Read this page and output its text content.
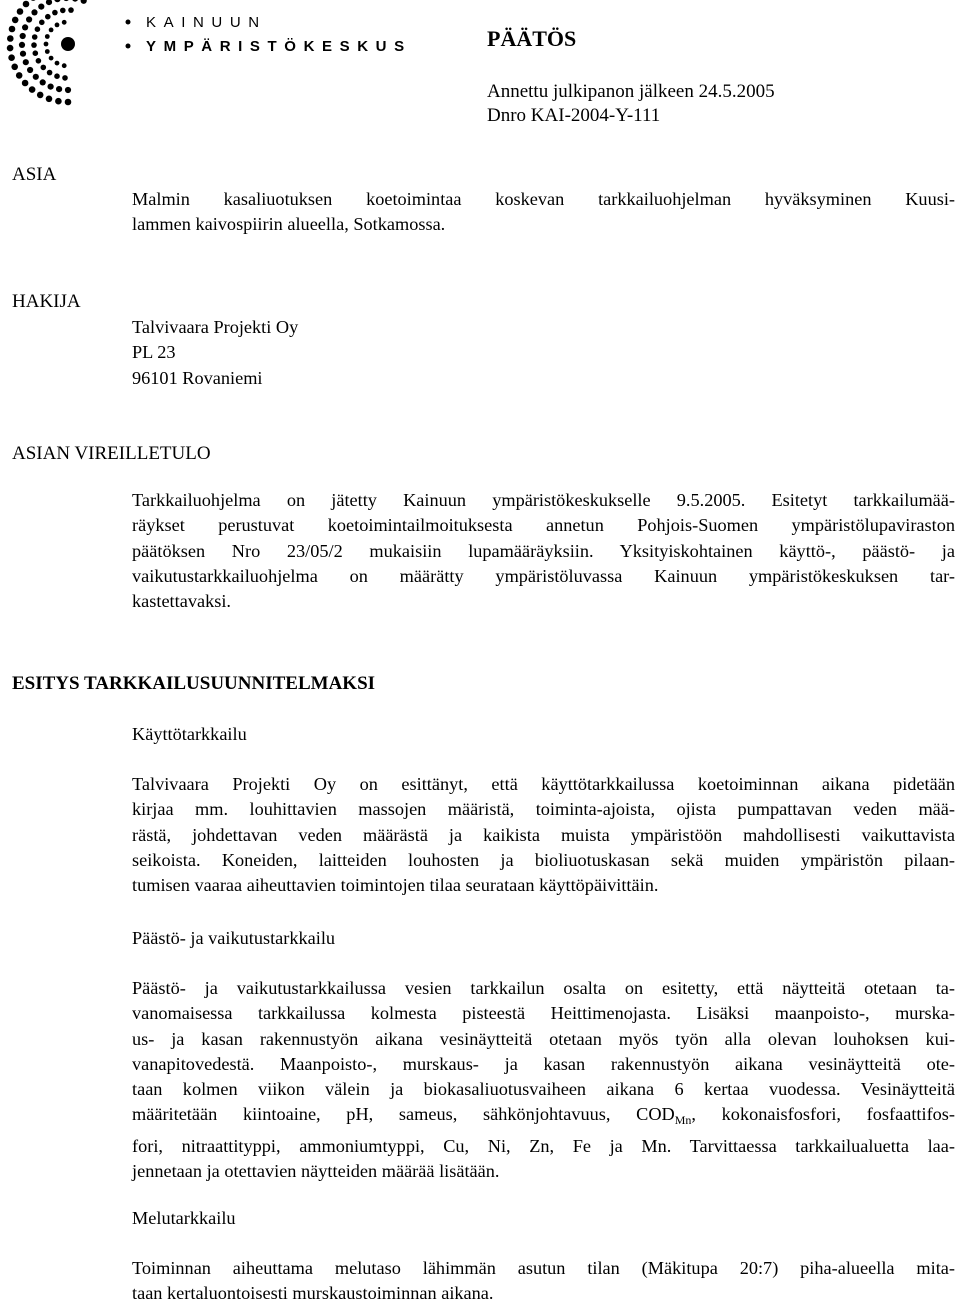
KAINUUN
YMPÄRISTÖKESKUS	PÄÄTÖS
Annettu julkipanon jälkeen 24.5.2005
Dnro KAI-2004-Y-111
ASIA
Malmin kasaliuotuksen koetoimintaa koskevan tarkkailuohjelman hyväksyminen Kuusi-
lammen kaivospiirin alueella, Sotkamossa.
HAKIJA
Talvivaara Projekti Oy
PL 23
96101 Rovaniemi
ASIAN VIREILLETULO
Tarkkailuohjelma on jätetty Kainuun ympäristökeskukselle 9.5.2005. Esitetyt tarkkailumää-
räykset perustuvat koetoimintailmoituksesta annetun Pohjois-Suomen ympäristölupaviraston
päätöksen Nro 23/05/2 mukaisiin lupamääräyksiin. Yksityiskohtainen käyttö-, päästö- ja
vaikutustarkkailuohjelma on määrätty ympäristöluvassa Kainuun ympäristökeskuksen tar-
kastettavaksi.
ESITYS TARKKAILUSUUNNITELMAKSI
Käyttötarkkailu
Talvivaara Projekti Oy on esittänyt, että käyttötarkkailussa koetoiminnan aikana pidetään
kirjaa mm. louhittavien massojen määristä, toiminta-ajoista, ojista pumpattavan veden mää-
rästä, johdettavan veden määrästä ja kaikista muista ympäristöön mahdollisesti vaikuttavista
seikoista. Koneiden, laitteiden louhosten ja bioliuotuskasan sekä muiden ympäristön pilaan-
tumisen vaaraa aiheuttavien toimintojen tilaa seurataan käyttöpäivittäin.
Päästö- ja vaikutustarkkailu
Päästö- ja vaikutustarkkailussa vesien tarkkailun osalta on esitetty, että näytteitä otetaan ta-
vanomaisessa tarkkailussa kolmesta pisteestä Heittimenojasta. Lisäksi maanpoisto-, murska-
us- ja kasan rakennustyön aikana vesinäytteitä otetaan myös työn alla olevan louhoksen kui-
vanapitovedestä. Maanpoisto-, murskaus- ja kasan rakennustyön aikana vesinäytteitä ote-
taan kolmen viikon välein ja biokasaliuotusvaiheen aikana 6 kertaa vuodessa. Vesinäytteitä
määritetään kiintoaine, pH, sameus, sähkönjohtavuus, $COD_{Mn}$, kokonaisfosfori, fosfaattifos-
fori, nitraattityppi, ammoniumtyppi, Cu, Ni, Zn, Fe ja Mn. Tarvittaessa tarkkailualuetta laa-
jennetaan ja otettavien näytteiden määrää lisätään.
Melutarkkailu
Toiminnan aiheuttama melutaso lähimmän asutun tilan (Mäkitupa 20:7) piha-alueella mita-
taan kertaluontoisesti murskaustoiminnan aikana.
